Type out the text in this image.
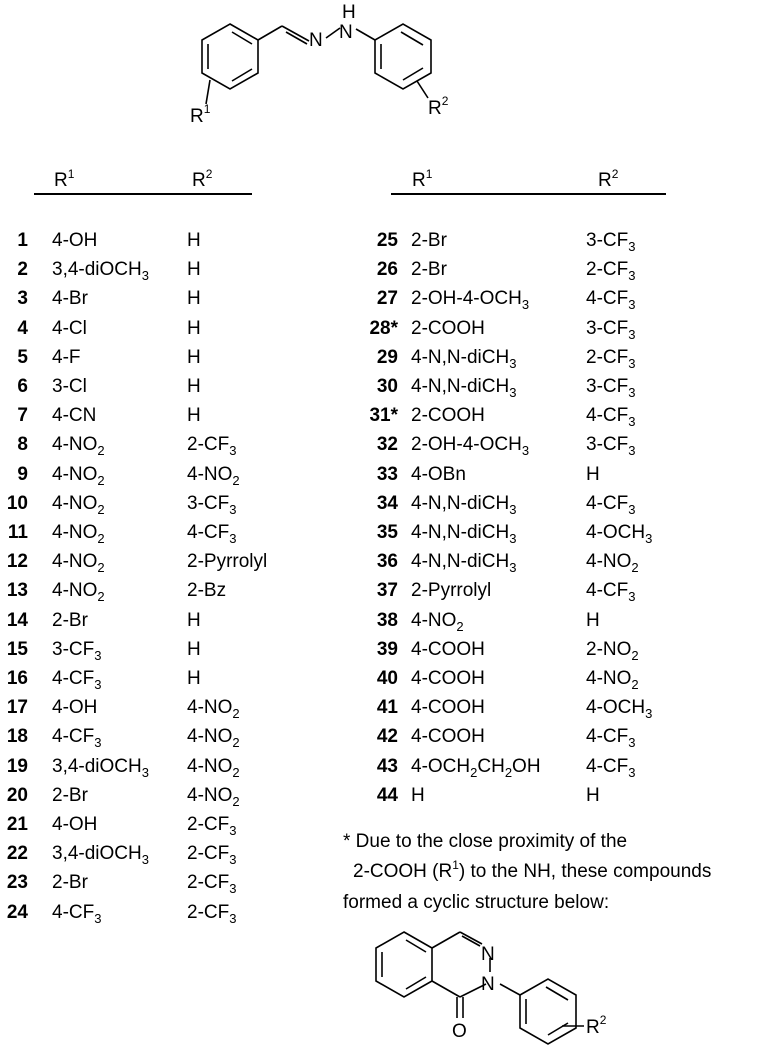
H
N N
$R^1$	$R^2$
$R^1$	$R^2$	$R^1$	$R^2$
1 4-OH	H
2 3,4-diOCH$_3$ H
3 4-Br	H
4 4-Cl	H
5 4-F	H
6 3-Cl	H
7 4-CN	H
8 $4-NO_2$	$2-CF_3$
9 $4-NO_2$	$4-NO_2$
10 $4-NO_2$	$3-CF_3$
11 $4-NO_2$	$4-CF_3$
12 $4-NO_2$	2-Pyrrolyl
13 $4-NO_2$	2-Bz
14 2-Br	H
15 $3-CF_3$	H
16 $4-CF_3$	H
17 4-OH	$4-NO_2$
18 $4-CF_3$	$4-NO_2$
19 3,4-diOCH$_3$ $4-NO_2$
20 2-Br	$4-NO_2$
21 4-OH	$2-CF_3$
22 3,4-diOCH$_3$ $2-CF_3$
23 2-Br	$2-CF_3$
24 $4-CF_3$	$2-CF_3$
25 2-Br	$3-CF_3$
26 2-Br	$2-CF_3$
27 $2-OH-4-OCH_3$	$4-CF_3$
28* 2-COOH	$3-CF_3$
29 4-N,N-diCH$_3$	$2-CF_3$
30 4-N,N-diCH$_3$	$3-CF_3$
31* 2-COOH	$4-CF_3$
32 $2-OH-4-OCH_3$	$3-CF_3$
33 4-OBn	H
34 4-N,N-diCH$_3$	$4-CF_3$
35 4-N,N-diCH$_3$	$4-OCH_3$
36 4-N,N-diCH$_3$	$4-NO_2$
37 2-Pyrrolyl	$4-CF_3$
38 $4-NO_2$	H
39 4-COOH	$2-NO_2$
40 4-COOH	$4-NO_2$
41 4-COOH	$4-OCH_3$
42 4-COOH	$4-CF_3$
43 $4-OCH_2CH_2OH$ $4-CF_3$
44 H	H
* Due to the close proximity of the
2-COOH $(R^1)$ to the NH, these compounds
formed a cyclic structure below:
N
N
O	$R^2$
